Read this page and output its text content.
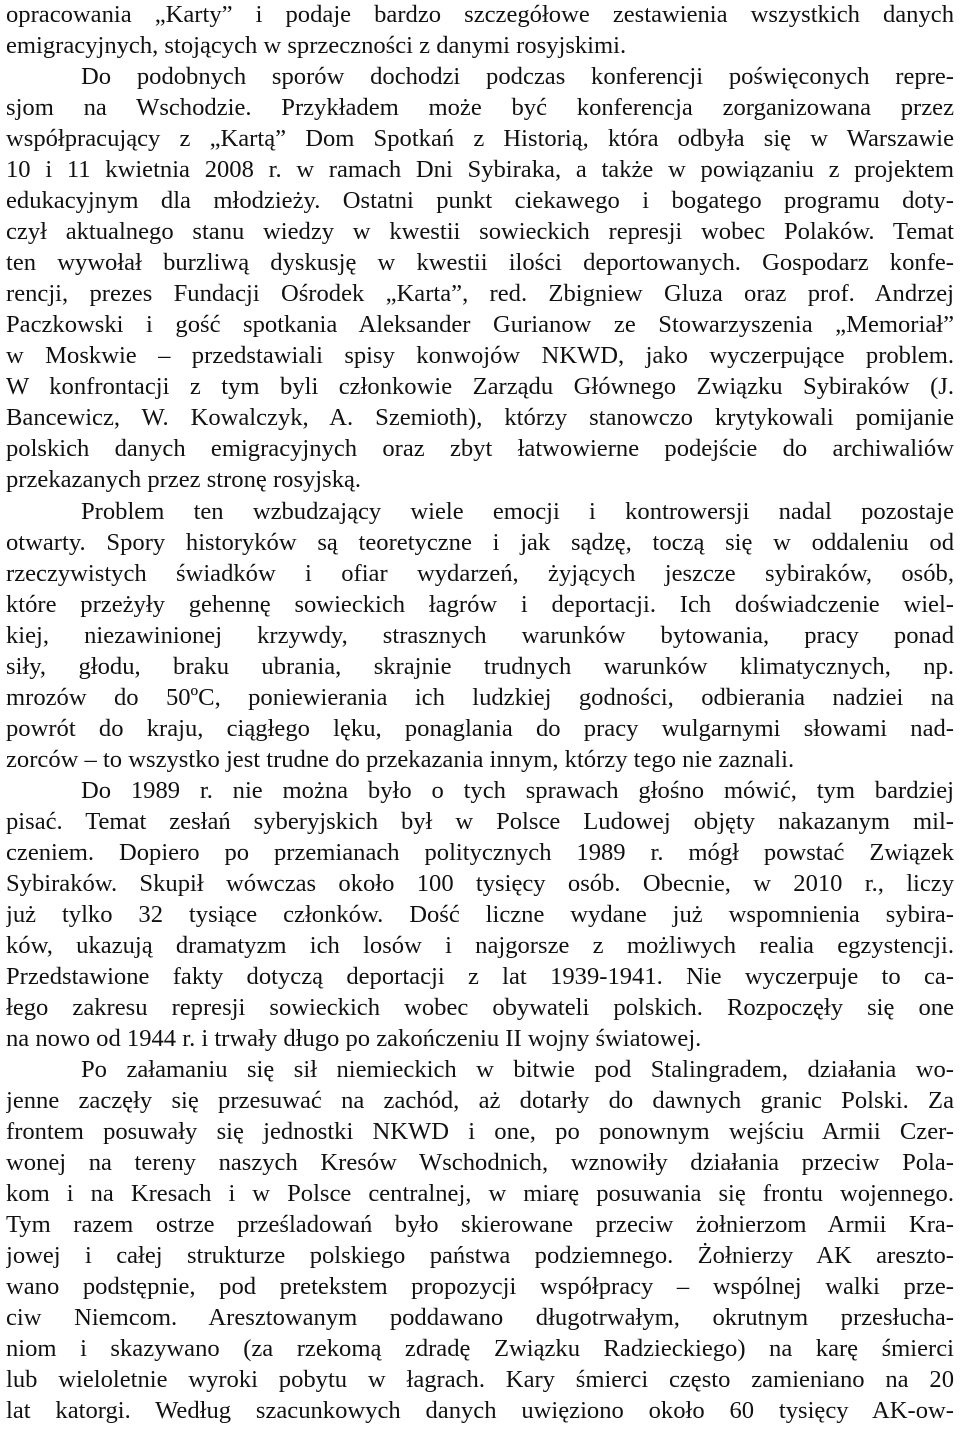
opracowania „Karty” i podaje bardzo szczegółowe zestawienia wszystkich danych
emigracyjnych, stojących w sprzeczności z danymi rosyjskimi.
Do podobnych sporów dochodzi podczas konferencji poświęconych repre-
sjom na Wschodzie. Przykładem może być konferencja zorganizowana przez
współpracujący z „Kartą” Dom Spotkań z Historią, która odbyła się w Warszawie
10 i 11 kwietnia 2008 r. w ramach Dni Sybiraka, a także w powiązaniu z projektem
edukacyjnym dla młodzieży. Ostatni punkt ciekawego i bogatego programu doty-
czył aktualnego stanu wiedzy w kwestii sowieckich represji wobec Polaków. Temat
ten wywołał burzliwą dyskusję w kwestii ilości deportowanych. Gospodarz konfe-
rencji, prezes Fundacji Ośrodek „Karta”, red. Zbigniew Gluza oraz prof. Andrzej
Paczkowski i gość spotkania Aleksander Gurianow ze Stowarzyszenia „Memoriał”
w Moskwie – przedstawiali spisy konwojów NKWD, jako wyczerpujące problem.
W konfrontacji z tym byli członkowie Zarządu Głównego Związku Sybiraków (J.
Bancewicz, W. Kowalczyk, A. Szemioth), którzy stanowczo krytykowali pomijanie
polskich danych emigracyjnych oraz zbyt łatwowierne podejście do archiwaliów
przekazanych przez stronę rosyjską.
Problem ten wzbudzający wiele emocji i kontrowersji nadal pozostaje
otwarty. Spory historyków są teoretyczne i jak sądzę, toczą się w oddaleniu od
rzeczywistych świadków i ofiar wydarzeń, żyjących jeszcze sybiraków, osób,
które przeżyły gehennę sowieckich łagrów i deportacji. Ich doświadczenie wiel-
kiej, niezawinionej krzywdy, strasznych warunków bytowania, pracy ponad
siły, głodu, braku ubrania, skrajnie trudnych warunków klimatycznych, np.
mrozów do 50ºC, poniewierania ich ludzkiej godności, odbierania nadziei na
powrót do kraju, ciągłego lęku, ponaglania do pracy wulgarnymi słowami nad-
zorców – to wszystko jest trudne do przekazania innym, którzy tego nie zaznali.
Do 1989 r. nie można było o tych sprawach głośno mówić, tym bardziej
pisać. Temat zesłań syberyjskich był w Polsce Ludowej objęty nakazanym mil-
czeniem. Dopiero po przemianach politycznych 1989 r. mógł powstać Związek
Sybiraków. Skupił wówczas około 100 tysięcy osób. Obecnie, w 2010 r., liczy
już tylko 32 tysiące członków. Dość liczne wydane już wspomnienia sybira-
ków, ukazują dramatyzm ich losów i najgorsze z możliwych realia egzystencji.
Przedstawione fakty dotyczą deportacji z lat 1939-1941. Nie wyczerpuje to ca-
łego zakresu represji sowieckich wobec obywateli polskich. Rozpoczęły się one
na nowo od 1944 r. i trwały długo po zakończeniu II wojny światowej.
Po załamaniu się sił niemieckich w bitwie pod Stalingradem, działania wo-
jenne zaczęły się przesuwać na zachód, aż dotarły do dawnych granic Polski. Za
frontem posuwały się jednostki NKWD i one, po ponownym wejściu Armii Czer-
wonej na tereny naszych Kresów Wschodnich, wznowiły działania przeciw Pola-
kom i na Kresach i w Polsce centralnej, w miarę posuwania się frontu wojennego.
Tym razem ostrze prześladowań było skierowane przeciw żołnierzom Armii Kra-
jowej i całej strukturze polskiego państwa podziemnego. Żołnierzy AK areszto-
wano podstępnie, pod pretekstem propozycji współpracy – wspólnej walki prze-
ciw Niemcom. Aresztowanym poddawano długotrwałym, okrutnym przesłucha-
niom i skazywano (za rzekomą zdradę Związku Radzieckiego) na karę śmierci
lub wieloletnie wyroki pobytu w łagrach. Kary śmierci często zamieniano na 20
lat katorgi. Według szacunkowych danych uwięziono około 60 tysięcy AK-ow-
